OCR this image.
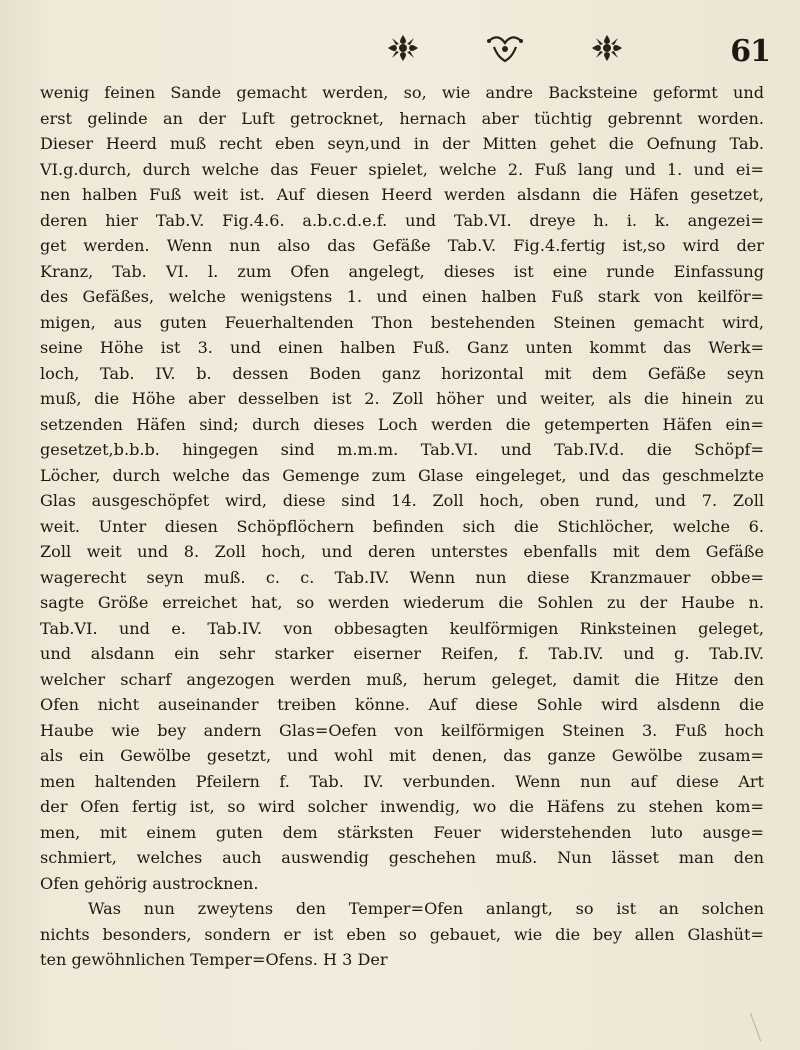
61
wenig feinen Sande gemacht werden, so, wie andre Backsteine geformt und
erst gelinde an der Luft getrocknet, hernach aber tüchtig gebrennt worden.
Dieser Heerd muß recht eben seyn,und in der Mitten gehet die Oefnung Tab.
VI.g.durch, durch welche das Feuer spielet, welche 2. Fuß lang und 1. und ei=
nen halben Fuß weit ist. Auf diesen Heerd werden alsdann die Häfen gesetzet,
deren hier Tab.V. Fig.4.6. a.b.c.d.e.f. und Tab.VI. dreye h. i. k. angezei=
get werden. Wenn nun also das Gefäße Tab.V. Fig.4.fertig ist,so wird der
Kranz, Tab. VI. l. zum Ofen angelegt, dieses ist eine runde Einfassung
des Gefäßes, welche wenigstens 1. und einen halben Fuß stark von keilför=
migen, aus guten Feuerhaltenden Thon bestehenden Steinen gemacht wird,
seine Höhe ist 3. und einen halben Fuß. Ganz unten kommt das Werk=
loch, Tab. IV. b. dessen Boden ganz horizontal mit dem Gefäße seyn
muß, die Höhe aber desselben ist 2. Zoll höher und weiter, als die hinein zu
setzenden Häfen sind; durch dieses Loch werden die getemperten Häfen ein=
gesetzet,b.b.b. hingegen sind m.m.m. Tab.VI. und Tab.IV.d. die Schöpf=
Löcher, durch welche das Gemenge zum Glase eingeleget, und das geschmelzte
Glas ausgeschöpfet wird, diese sind 14. Zoll hoch, oben rund, und 7. Zoll
weit. Unter diesen Schöpflöchern befinden sich die Stichlöcher, welche 6.
Zoll weit und 8. Zoll hoch, und deren unterstes ebenfalls mit dem Gefäße
wagerecht seyn muß. c. c. Tab.IV. Wenn nun diese Kranzmauer obbe=
sagte Größe erreichet hat, so werden wiederum die Sohlen zu der Haube n.
Tab.VI. und e. Tab.IV. von obbesagten keulförmigen Rinksteinen geleget,
und alsdann ein sehr starker eiserner Reifen, f. Tab.IV. und g. Tab.IV.
welcher scharf angezogen werden muß, herum geleget, damit die Hitze den
Ofen nicht auseinander treiben könne. Auf diese Sohle wird alsdenn die
Haube wie bey andern Glas=Oefen von keilförmigen Steinen 3. Fuß hoch
als ein Gewölbe gesetzt, und wohl mit denen, das ganze Gewölbe zusam=
men haltenden Pfeilern f. Tab. IV. verbunden. Wenn nun auf diese Art
der Ofen fertig ist, so wird solcher inwendig, wo die Häfens zu stehen kom=
men, mit einem guten dem stärksten Feuer widerstehenden luto ausge=
schmiert, welches auch auswendig geschehen muß. Nun lässet man den
Ofen gehörig austrocknen.
Was nun zweytens den Temper=Ofen anlangt, so ist an solchen
nichts besonders, sondern er ist eben so gebauet, wie die bey allen Glashüt=
ten gewöhnlichen Temper=Ofens. H 3 Der
